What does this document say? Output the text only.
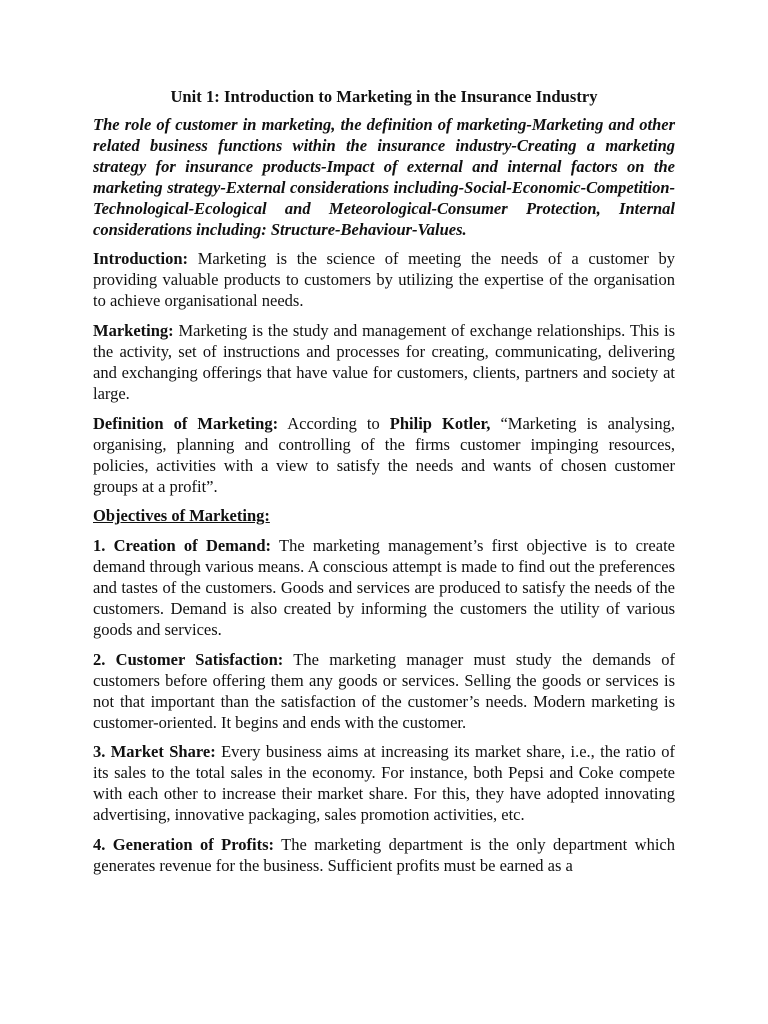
Unit 1: Introduction to Marketing in the Insurance Industry
The role of customer in marketing, the definition of marketing-Marketing and other related business functions within the insurance industry-Creating a marketing strategy for insurance products-Impact of external and internal factors on the marketing strategy-External considerations including-Social-Economic-Competition-Technological-Ecological and Meteorological-Consumer Protection, Internal considerations including: Structure-Behaviour-Values.
Introduction: Marketing is the science of meeting the needs of a customer by providing valuable products to customers by utilizing the expertise of the organisation to achieve organisational needs.
Marketing: Marketing is the study and management of exchange relationships. This is the activity, set of instructions and processes for creating, communicating, delivering and exchanging offerings that have value for customers, clients, partners and society at large.
Definition of Marketing: According to Philip Kotler, “Marketing is analysing, organising, planning and controlling of the firms customer impinging resources, policies, activities with a view to satisfy the needs and wants of chosen customer groups at a profit”.
Objectives of Marketing:
1. Creation of Demand: The marketing management’s first objective is to create demand through various means. A conscious attempt is made to find out the preferences and tastes of the customers. Goods and services are produced to satisfy the needs of the customers. Demand is also created by informing the customers the utility of various goods and services.
2. Customer Satisfaction: The marketing manager must study the demands of customers before offering them any goods or services. Selling the goods or services is not that important than the satisfaction of the customer’s needs. Modern marketing is customer-oriented. It begins and ends with the customer.
3. Market Share: Every business aims at increasing its market share, i.e., the ratio of its sales to the total sales in the economy. For instance, both Pepsi and Coke compete with each other to increase their market share. For this, they have adopted innovating advertising, innovative packaging, sales promotion activities, etc.
4. Generation of Profits: The marketing department is the only department which generates revenue for the business. Sufficient profits must be earned as a
